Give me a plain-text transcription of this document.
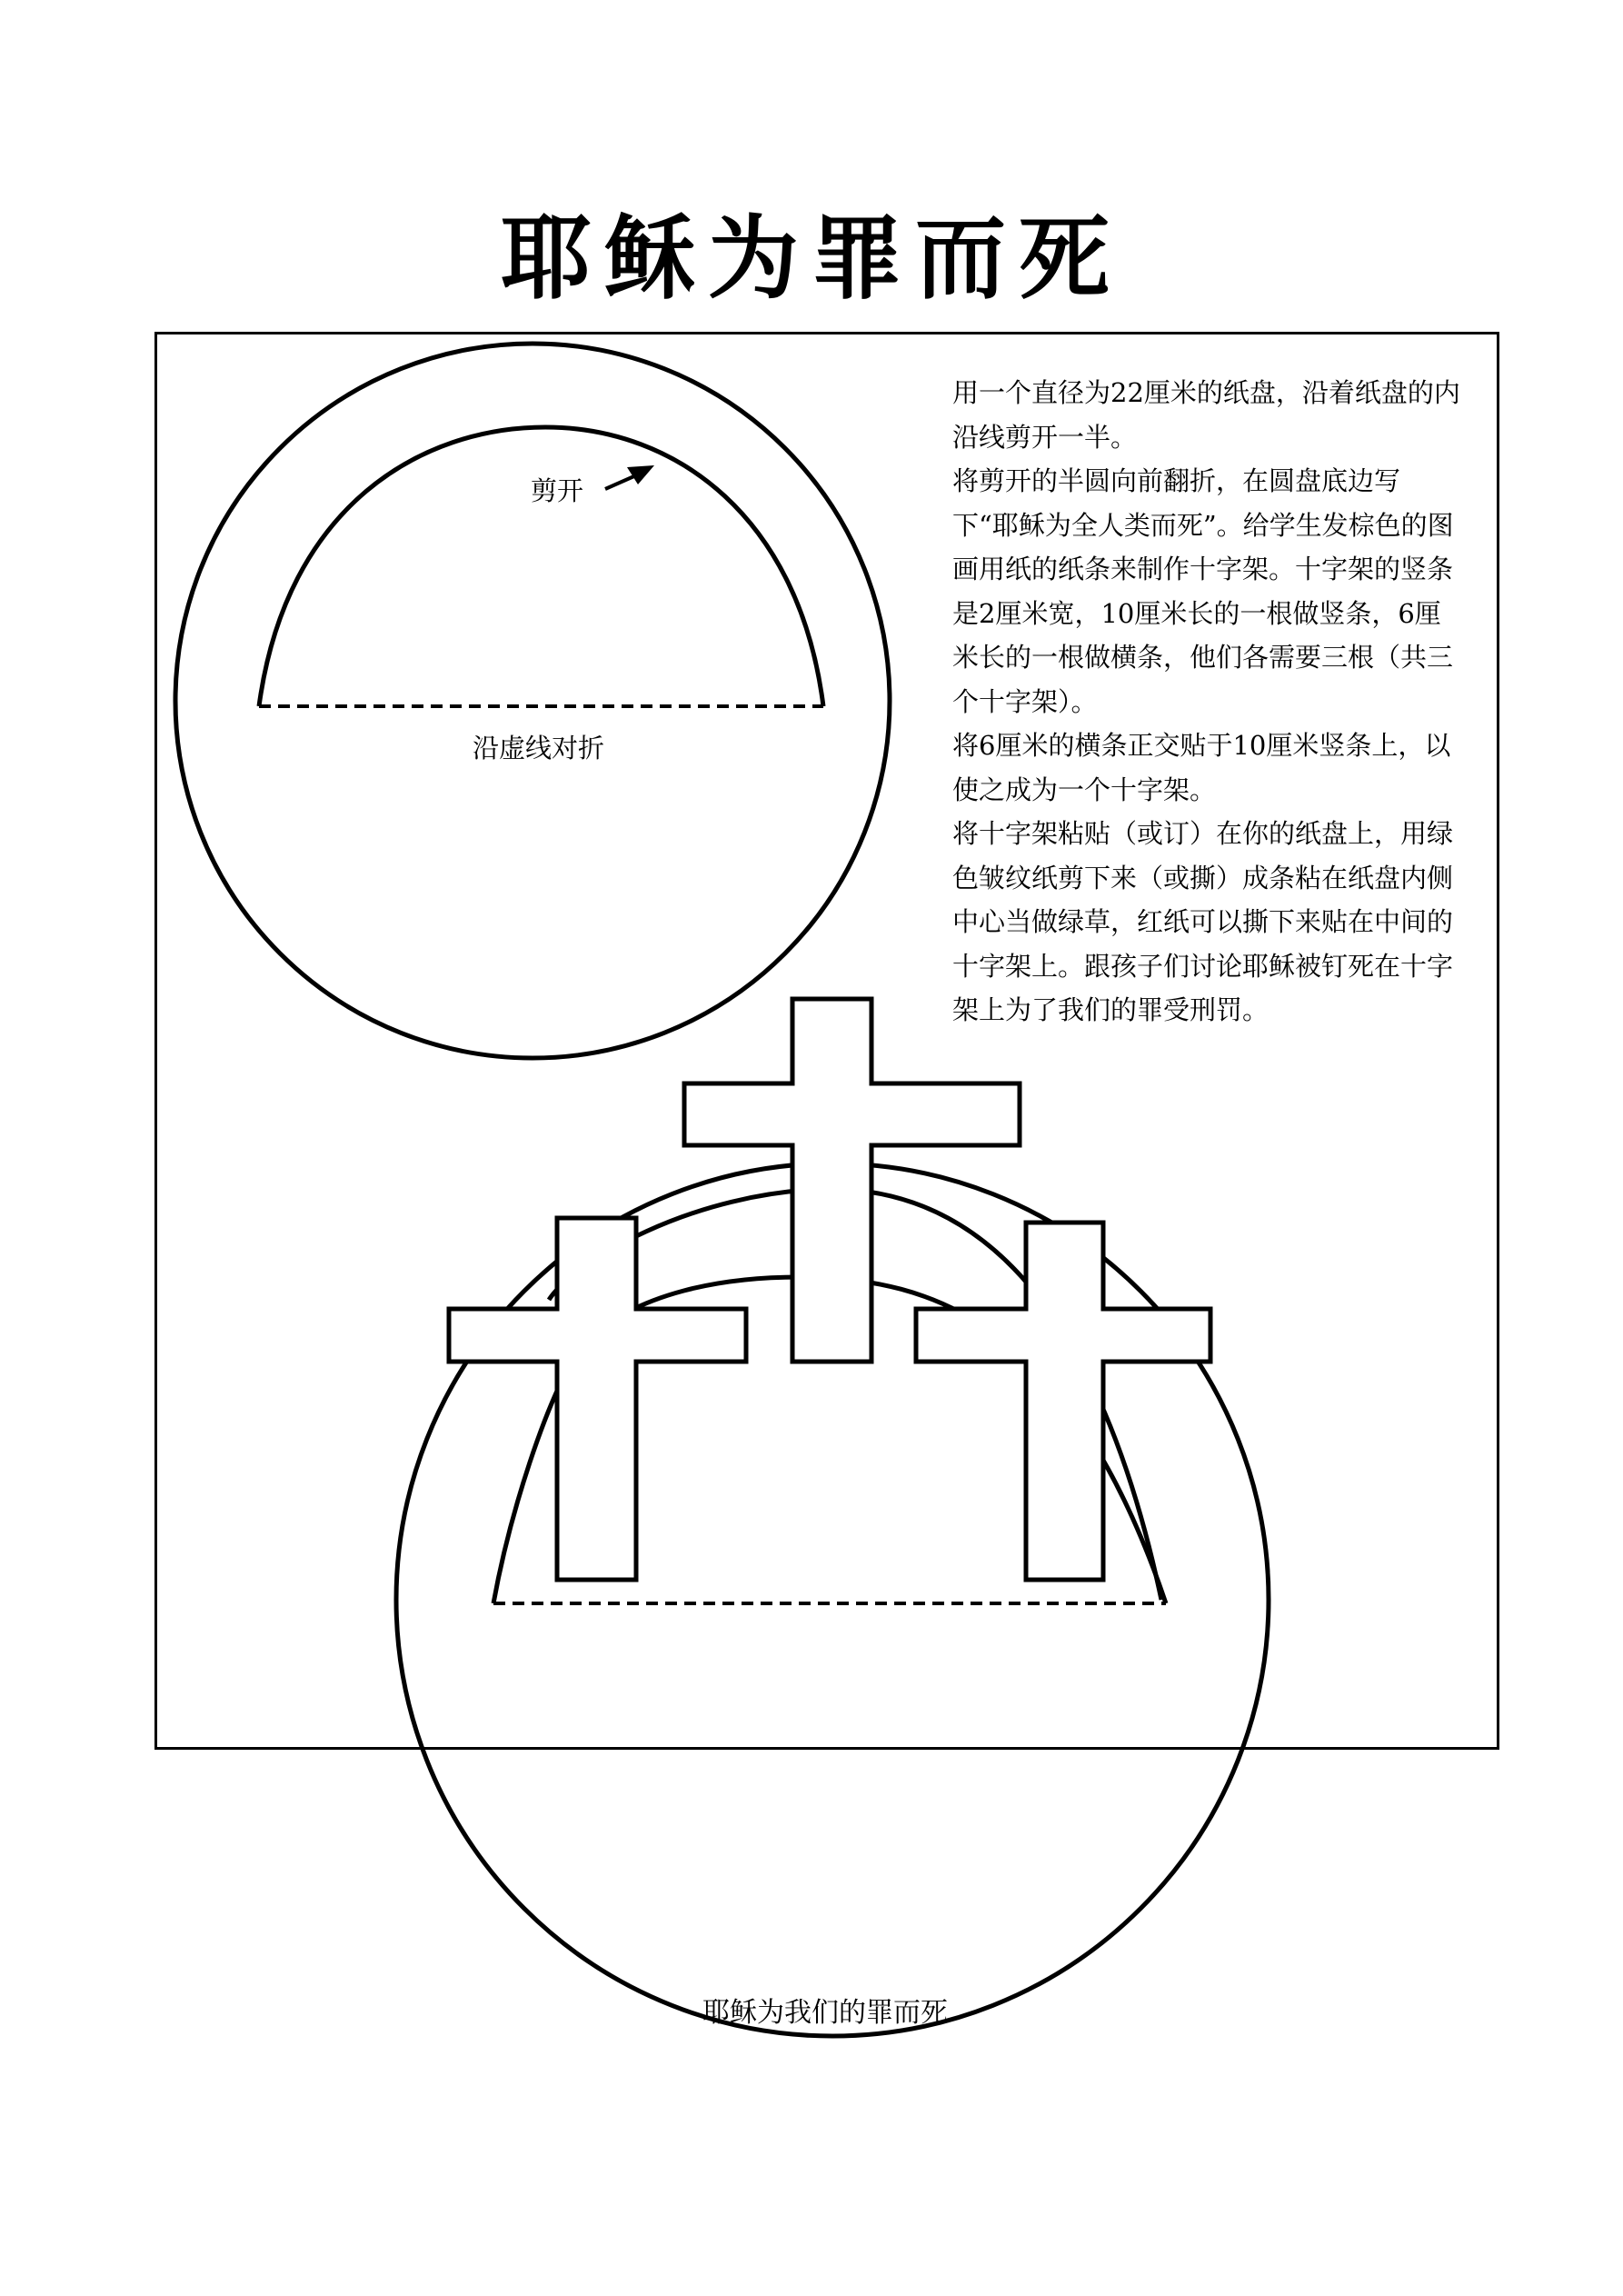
耶稣为罪而死
剪开
沿虚线对折
耶稣为我们的罪而死

用一个直径为22厘米的纸盘，沿着纸盘的内沿线剪开一半。

将剪开的半圆向前翻折，在圆盘底边写下“耶稣为全人类而死”。给学生发棕色的图画用纸的纸条来制作十字架。十字架的竖条是2厘米宽，10厘米长的一根做竖条，6厘米长的一根做横条，他们各需要三根（共三个十字架）。

将6厘米的横条正交贴于10厘米竖条上，以使之成为一个十字架。

将十字架粘贴（或订）在你的纸盘上，用绿色皱纹纸剪下来（或撕）成条粘在纸盘内侧中心当做绿草，红纸可以撕下来贴在中间的十字架上。跟孩子们讨论耶稣被钉死在十字架上为了我们的罪受刑罚。
